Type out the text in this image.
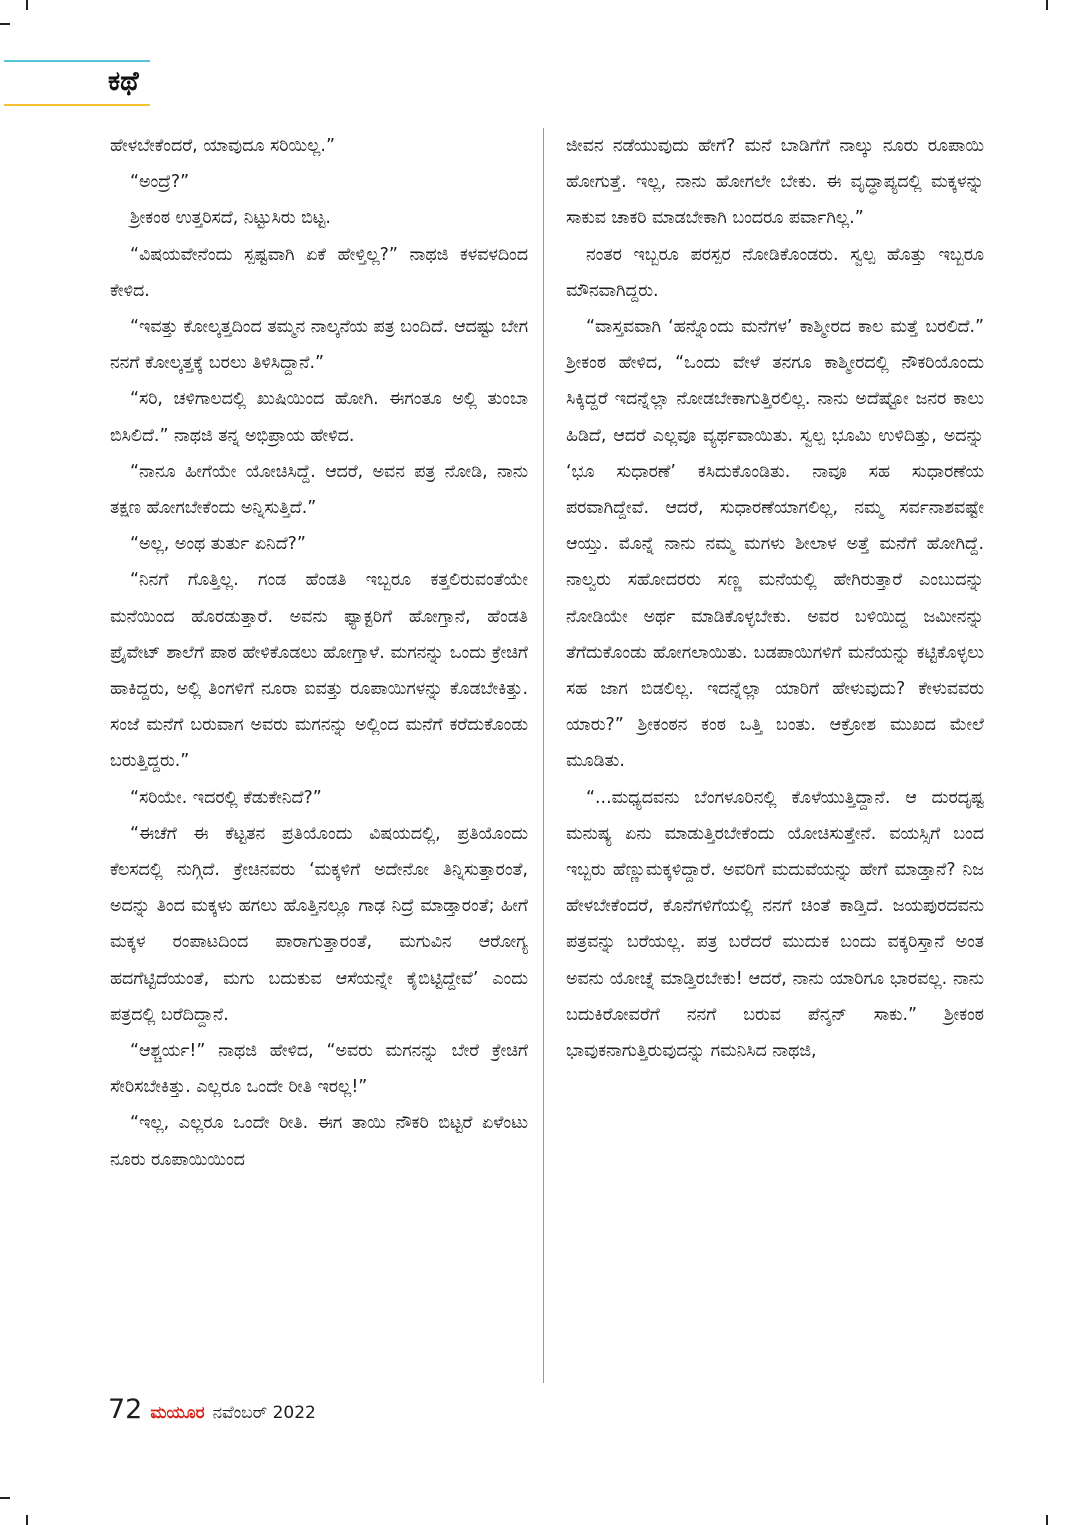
ಕಥೆ

ಹೇಳಬೇಕೆಂದರೆ, ಯಾವುದೂ ಸರಿಯಿಲ್ಲ.”

“ಅಂದ್ರೆ?”

ಶ್ರೀಕಂಠ ಉತ್ತರಿಸದೆ, ನಿಟ್ಟುಸಿರು ಬಿಟ್ಟ.

“ವಿಷಯವೇನೆಂದು ಸ್ಪಷ್ಟವಾಗಿ ಏಕೆ ಹೇಳ್ತಿಲ್ಲ?” ನಾಥಜಿ ಕಳವಳದಿಂದ ಕೇಳಿದ.

“ಇವತ್ತು ಕೋಲ್ಕತ್ತದಿಂದ ತಮ್ಮನ ನಾಲ್ಕನೆಯ ಪತ್ರ ಬಂದಿದೆ. ಆದಷ್ಟು ಬೇಗ ನನಗೆ ಕೋಲ್ಕತ್ತಕ್ಕೆ ಬರಲು ತಿಳಿಸಿದ್ದಾನೆ.”

“ಸರಿ, ಚಳಿಗಾಲದಲ್ಲಿ ಖುಷಿಯಿಂದ ಹೋಗಿ. ಈಗಂತೂ ಅಲ್ಲಿ ತುಂಬಾ ಬಿಸಿಲಿದೆ.” ನಾಥಜಿ ತನ್ನ ಅಭಿಪ್ರಾಯ ಹೇಳಿದ.

“ನಾನೂ ಹೀಗೆಯೇ ಯೋಚಿಸಿದ್ದೆ. ಆದರೆ, ಅವನ ಪತ್ರ ನೋಡಿ, ನಾನು ತಕ್ಷಣ ಹೋಗಬೇಕೆಂದು ಅನ್ನಿಸುತ್ತಿದೆ.”

“ಅಲ್ಲ, ಅಂಥ ತುರ್ತು ಏನಿದೆ?”

“ನಿನಗೆ ಗೊತ್ತಿಲ್ಲ. ಗಂಡ ಹೆಂಡತಿ ಇಬ್ಬರೂ ಕತ್ತಲಿರುವಂತೆಯೇ ಮನೆಯಿಂದ ಹೊರಡುತ್ತಾರೆ. ಅವನು ಫ್ಯಾಕ್ಟರಿಗೆ ಹೋಗ್ತಾನೆ, ಹೆಂಡತಿ ಪ್ರೈವೇಟ್ ಶಾಲೆಗೆ ಪಾಠ ಹೇಳಿಕೊಡಲು ಹೋಗ್ತಾಳೆ. ಮಗನನ್ನು ಒಂದು ಕ್ರೇಚಿಗೆ ಹಾಕಿದ್ದರು, ಅಲ್ಲಿ ತಿಂಗಳಿಗೆ ನೂರಾ ಐವತ್ತು ರೂಪಾಯಿಗಳನ್ನು ಕೊಡಬೇಕಿತ್ತು. ಸಂಜೆ ಮನೆಗೆ ಬರುವಾಗ ಅವರು ಮಗನನ್ನು ಅಲ್ಲಿಂದ ಮನೆಗೆ ಕರೆದುಕೊಂಡು ಬರುತ್ತಿದ್ದರು.”

“ಸರಿಯೇ. ಇದರಲ್ಲಿ ಕೆಡುಕೇನಿದೆ?”

“ಈಚೆಗೆ ಈ ಕೆಟ್ಟತನ ಪ್ರತಿಯೊಂದು ವಿಷಯದಲ್ಲಿ, ಪ್ರತಿಯೊಂದು ಕೆಲಸದಲ್ಲಿ ನುಗ್ಗಿದೆ. ಕ್ರೇಚಿನವರು ‘ಮಕ್ಕಳಿಗೆ ಅದೇನೋ ತಿನ್ನಿಸುತ್ತಾರಂತೆ, ಅದನ್ನು ತಿಂದ ಮಕ್ಕಳು ಹಗಲು ಹೊತ್ತಿನಲ್ಲೂ ಗಾಢ ನಿದ್ರೆ ಮಾಡ್ತಾರಂತೆ; ಹೀಗೆ ಮಕ್ಕಳ ರಂಪಾಟದಿಂದ ಪಾರಾಗುತ್ತಾರಂತೆ, ಮಗುವಿನ ಆರೋಗ್ಯ ಹದಗೆಟ್ಟಿದೆಯಂತೆ, ಮಗು ಬದುಕುವ ಆಸೆಯನ್ನೇ ಕೈಬಿಟ್ಟಿದ್ದೇವೆ’ ಎಂದು ಪತ್ರದಲ್ಲಿ ಬರೆದಿದ್ದಾನೆ.

“ಆಶ್ಚರ್ಯ!” ನಾಥಜಿ ಹೇಳಿದ, “ಅವರು ಮಗನನ್ನು ಬೇರೆ ಕ್ರೇಚಿಗೆ ಸೇರಿಸಬೇಕಿತ್ತು. ಎಲ್ಲರೂ ಒಂದೇ ರೀತಿ ಇರಲ್ಲ!”

“ಇಲ್ಲ, ಎಲ್ಲರೂ ಒಂದೇ ರೀತಿ. ಈಗ ತಾಯಿ ನೌಕರಿ ಬಿಟ್ಟರೆ ಏಳೆಂಟು ನೂರು ರೂಪಾಯಿಯಿಂದ

ಜೀವನ ನಡೆಯುವುದು ಹೇಗೆ? ಮನೆ ಬಾಡಿಗೆಗೆ ನಾಲ್ಕು ನೂರು ರೂಪಾಯಿ ಹೋಗುತ್ತೆ. ಇಲ್ಲ, ನಾನು ಹೋಗಲೇ ಬೇಕು. ಈ ವೃದ್ಧಾಪ್ಯದಲ್ಲಿ ಮಕ್ಕಳನ್ನು ಸಾಕುವ ಚಾಕರಿ ಮಾಡಬೇಕಾಗಿ ಬಂದರೂ ಪರ್ವಾಗಿಲ್ಲ.”

ನಂತರ ಇಬ್ಬರೂ ಪರಸ್ಪರ ನೋಡಿಕೊಂಡರು. ಸ್ವಲ್ಪ ಹೊತ್ತು ಇಬ್ಬರೂ ಮೌನವಾಗಿದ್ದರು.

“ವಾಸ್ತವವಾಗಿ ‘ಹನ್ನೊಂದು ಮನೆಗಳ’ ಕಾಶ್ಮೀರದ ಕಾಲ ಮತ್ತೆ ಬರಲಿದೆ.” ಶ್ರೀಕಂಠ ಹೇಳಿದ, “ಒಂದು ವೇಳೆ ತನಗೂ ಕಾಶ್ಮೀರದಲ್ಲಿ ನೌಕರಿಯೊಂದು ಸಿಕ್ಕಿದ್ದರೆ ಇದನ್ನೆಲ್ಲಾ ನೋಡಬೇಕಾಗುತ್ತಿರಲಿಲ್ಲ. ನಾನು ಅದೆಷ್ಟೋ ಜನರ ಕಾಲು ಹಿಡಿದೆ, ಆದರೆ ಎಲ್ಲವೂ ವ್ಯರ್ಥವಾಯಿತು. ಸ್ವಲ್ಪ ಭೂಮಿ ಉಳಿದಿತ್ತು, ಅದನ್ನು ‘ಭೂ ಸುಧಾರಣೆ’ ಕಸಿದುಕೊಂಡಿತು. ನಾವೂ ಸಹ ಸುಧಾರಣೆಯ ಪರವಾಗಿದ್ದೇವೆ. ಆದರೆ, ಸುಧಾರಣೆಯಾಗಲಿಲ್ಲ, ನಮ್ಮ ಸರ್ವನಾಶವಷ್ಟೇ ಆಯ್ತು. ಮೊನ್ನೆ ನಾನು ನಮ್ಮ ಮಗಳು ಶೀಲಾಳ ಅತ್ತೆ ಮನೆಗೆ ಹೋಗಿದ್ದೆ. ನಾಲ್ವರು ಸಹೋದರರು ಸಣ್ಣ ಮನೆಯಲ್ಲಿ ಹೇಗಿರುತ್ತಾರೆ ಎಂಬುದನ್ನು ನೋಡಿಯೇ ಅರ್ಥ ಮಾಡಿಕೊಳ್ಳಬೇಕು. ಅವರ ಬಳಿಯಿದ್ದ ಜಮೀನನ್ನು ತೆಗೆದುಕೊಂಡು ಹೋಗಲಾಯಿತು. ಬಡಪಾಯಿಗಳಿಗೆ ಮನೆಯನ್ನು ಕಟ್ಟಿಕೊಳ್ಳಲು ಸಹ ಜಾಗ ಬಿಡಲಿಲ್ಲ. ಇದನ್ನೆಲ್ಲಾ ಯಾರಿಗೆ ಹೇಳುವುದು? ಕೇಳುವವರು ಯಾರು?” ಶ್ರೀಕಂಠನ ಕಂಠ ಒತ್ತಿ ಬಂತು. ಆಕ್ರೋಶ ಮುಖದ ಮೇಲೆ ಮೂಡಿತು.

“...ಮಧ್ಯದವನು ಬೆಂಗಳೂರಿನಲ್ಲಿ ಕೊಳೆಯುತ್ತಿದ್ದಾನೆ. ಆ ದುರದೃಷ್ಟ ಮನುಷ್ಯ ಏನು ಮಾಡುತ್ತಿರಬೇಕೆಂದು ಯೋಚಿಸುತ್ತೇನೆ. ವಯಸ್ಸಿಗೆ ಬಂದ ಇಬ್ಬರು ಹೆಣ್ಣುಮಕ್ಕಳಿದ್ದಾರೆ. ಅವರಿಗೆ ಮದುವೆಯನ್ನು ಹೇಗೆ ಮಾಡ್ತಾನೆ? ನಿಜ ಹೇಳಬೇಕೆಂದರೆ, ಕೊನೆಗಳಿಗೆಯಲ್ಲಿ ನನಗೆ ಚಿಂತೆ ಕಾಡ್ತಿದೆ. ಜಯಪುರದವನು ಪತ್ರವನ್ನು ಬರೆಯಲ್ಲ. ಪತ್ರ ಬರೆದರೆ ಮುದುಕ ಬಂದು ವಕ್ಕರಿಸ್ತಾನೆ ಅಂತ ಅವನು ಯೋಚ್ನೆ ಮಾಡ್ತಿರಬೇಕು! ಆದರೆ, ನಾನು ಯಾರಿಗೂ ಭಾರವಲ್ಲ. ನಾನು ಬದುಕಿರೋವರೆಗೆ ನನಗೆ ಬರುವ ಪೆನ್ಶನ್ ಸಾಕು.” ಶ್ರೀಕಂಠ ಭಾವುಕನಾಗುತ್ತಿರುವುದನ್ನು ಗಮನಿಸಿದ ನಾಥಜಿ,

72 ಮಯೂರ ನವೆಂಬರ್ 2022
